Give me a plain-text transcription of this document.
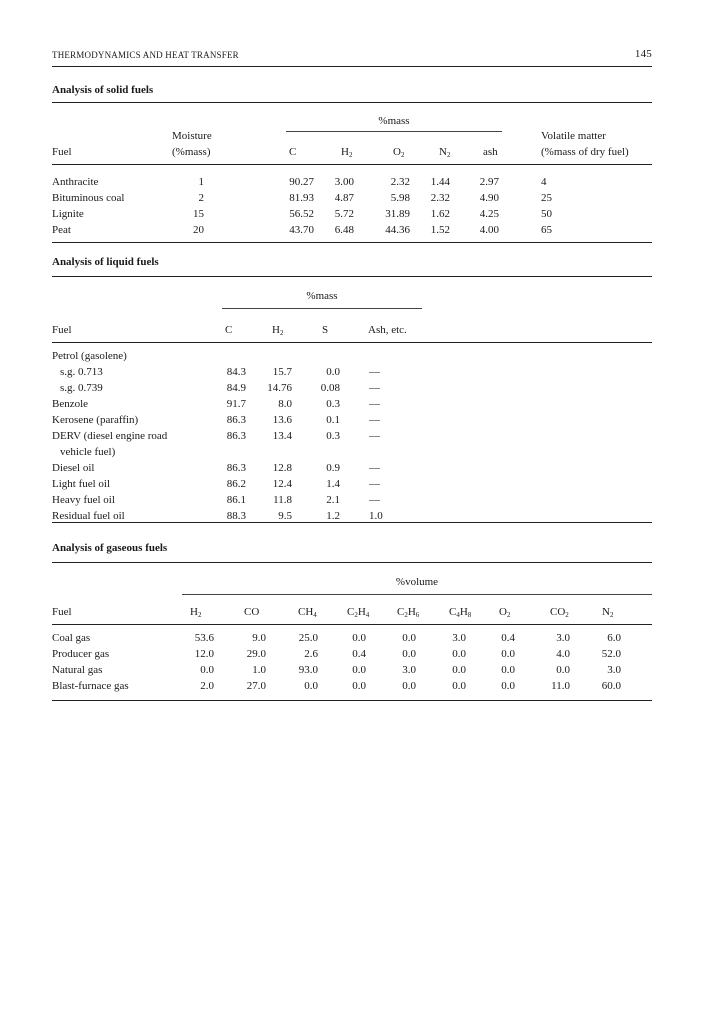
THERMODYNAMICS AND HEAT TRANSFER	145
Analysis of solid fuels
%mass
Moisture	Volatile matter
Fuel	(%mass)	C	$H_2$	$O_2$	$N_2$	ash	(%mass of dry fuel)
Anthracite	1	90.27	3.00	2.32	1.44	2.97	4
Bituminous coal	2	81.93	4.87	5.98	2.32	4.90	25
Lignite	15	56.52	5.72	31.89	1.62	4.25	50
Peat	20	43.70	6.48	44.36	1.52	4.00	65
Analysis of liquid fuels
%mass
Fuel	C	$H_2$	S	Ash, etc.
Petrol (gasolene)
s.g. 0.713	84.3	15.7	0.0	—
s.g. 0.739	84.9	14.76	0.08	—
Benzole	91.7	8.0	0.3	—
Kerosene (paraffin)	86.3	13.6	0.1	—
DERV (diesel engine road	86.3	13.4	0.3	—
vehicle fuel)
Diesel oil	86.3	12.8	0.9	—
Light fuel oil	86.2	12.4	1.4	—
Heavy fuel oil	86.1	11.8	2.1	—
Residual fuel oil	88.3	9.5	1.2	1.0
Analysis of gaseous fuels
%volume
Fuel	$H_2$	CO	$CH_4$	$C_2H_4$	$C_2H_6$	$C_4H_8$	$O_2$	$CO_2$	$N_2$
Coal gas	53.6	9.0	25.0	0.0	0.0	3.0	0.4	3.0	6.0
Producer gas	12.0	29.0	2.6	0.4	0.0	0.0	0.0	4.0	52.0
Natural gas	0.0	1.0	93.0	0.0	3.0	0.0	0.0	0.0	3.0
Blast-furnace gas	2.0	27.0	0.0	0.0	0.0	0.0	0.0	11.0	60.0
